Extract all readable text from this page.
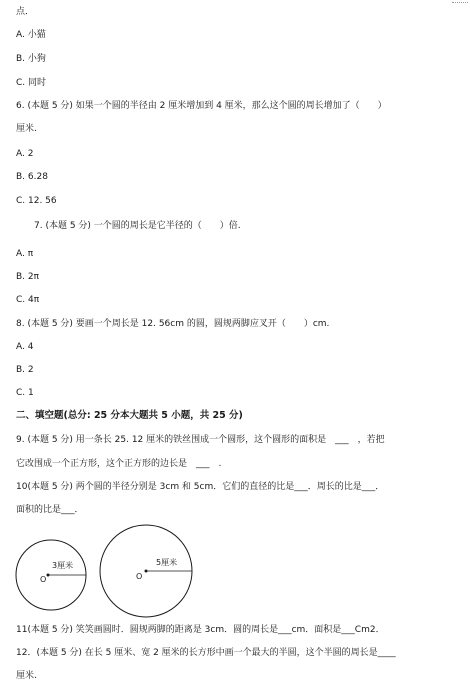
点．
A. 小猫
B. 小狗
C. 同时
6. (本题 5 分) 如果一个圆的半径由 2 厘米增加到 4 厘米，那么这个圆的周长增加了（　　）
厘米.
A. 2
B. 6.28
C. 12. 56
7. (本题 5 分) 一个圆的周长是它半径的（　　）倍.
A. π
B. 2π
C. 4π
8. (本题 5 分) 要画一个周长是 12. 56cm 的圆，圆规两脚应叉开（　　）cm.
A. 4
B. 2
C. 1
二、填空题(总分: 25 分本大题共 5 小题，共 25 分)
9. (本题 5 分) 用一条长 25. 12 厘米的铁丝围成一个圆形，这个圆形的面积是　___　，若把
它改围成一个正方形，这个正方形的边长是　___　.
10(本题 5 分) 两个圆的半径分别是 3cm 和 5cm．它们的直径的比是___．周长的比是___．
面积的比是___．
O
3厘米
O
5厘米
11(本题 5 分) 笑笑画圆时．圆规两脚的距离是 3cm．圆的周长是___cm．面积是___Cm2．
12．(本题 5 分) 在长 5 厘米、宽 2 厘米的长方形中画一个最大的半圆，这个半圆的周长是____
厘米.
